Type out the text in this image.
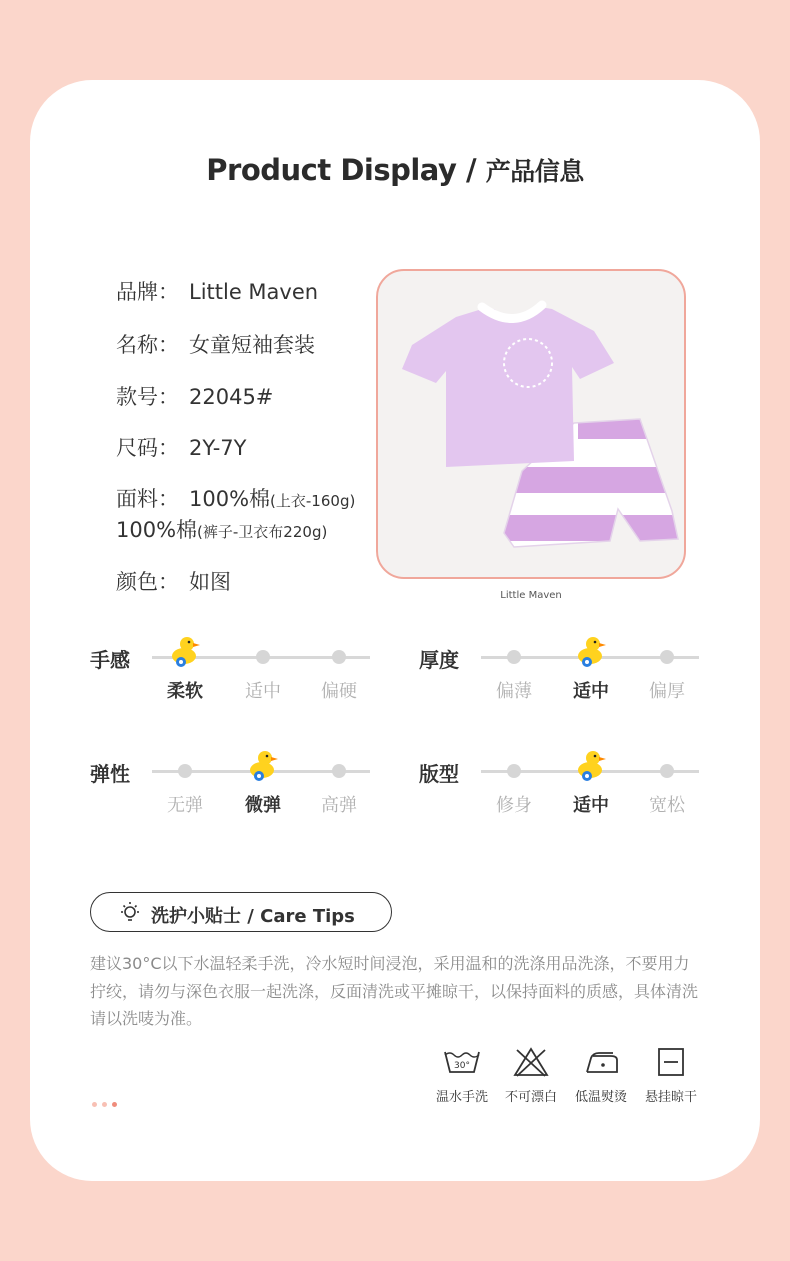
Product Display / 产品信息
品牌： Little Maven
名称： 女童短袖套装
款号： 22045#
尺码： 2Y-7Y
面料： 100%棉(上衣-160g)
100%棉(裤子-卫衣布220g)
颜色： 如图
Little Maven
手感
柔软	适中	偏硬
厚度
偏薄	适中	偏厚
弹性
无弹	微弹	高弹
版型
修身	适中	宽松
洗护小贴士 / Care Tips
建议30°C以下水温轻柔手洗，冷水短时间浸泡，采用温和的洗涤用品洗涤，不要用力拧绞，请勿与深色衣服一起洗涤，反面清洗或平摊晾干，以保持面料的质感，具体清洗请以洗唛为准。
30°
温水手洗	不可漂白	低温熨烫	悬挂晾干
